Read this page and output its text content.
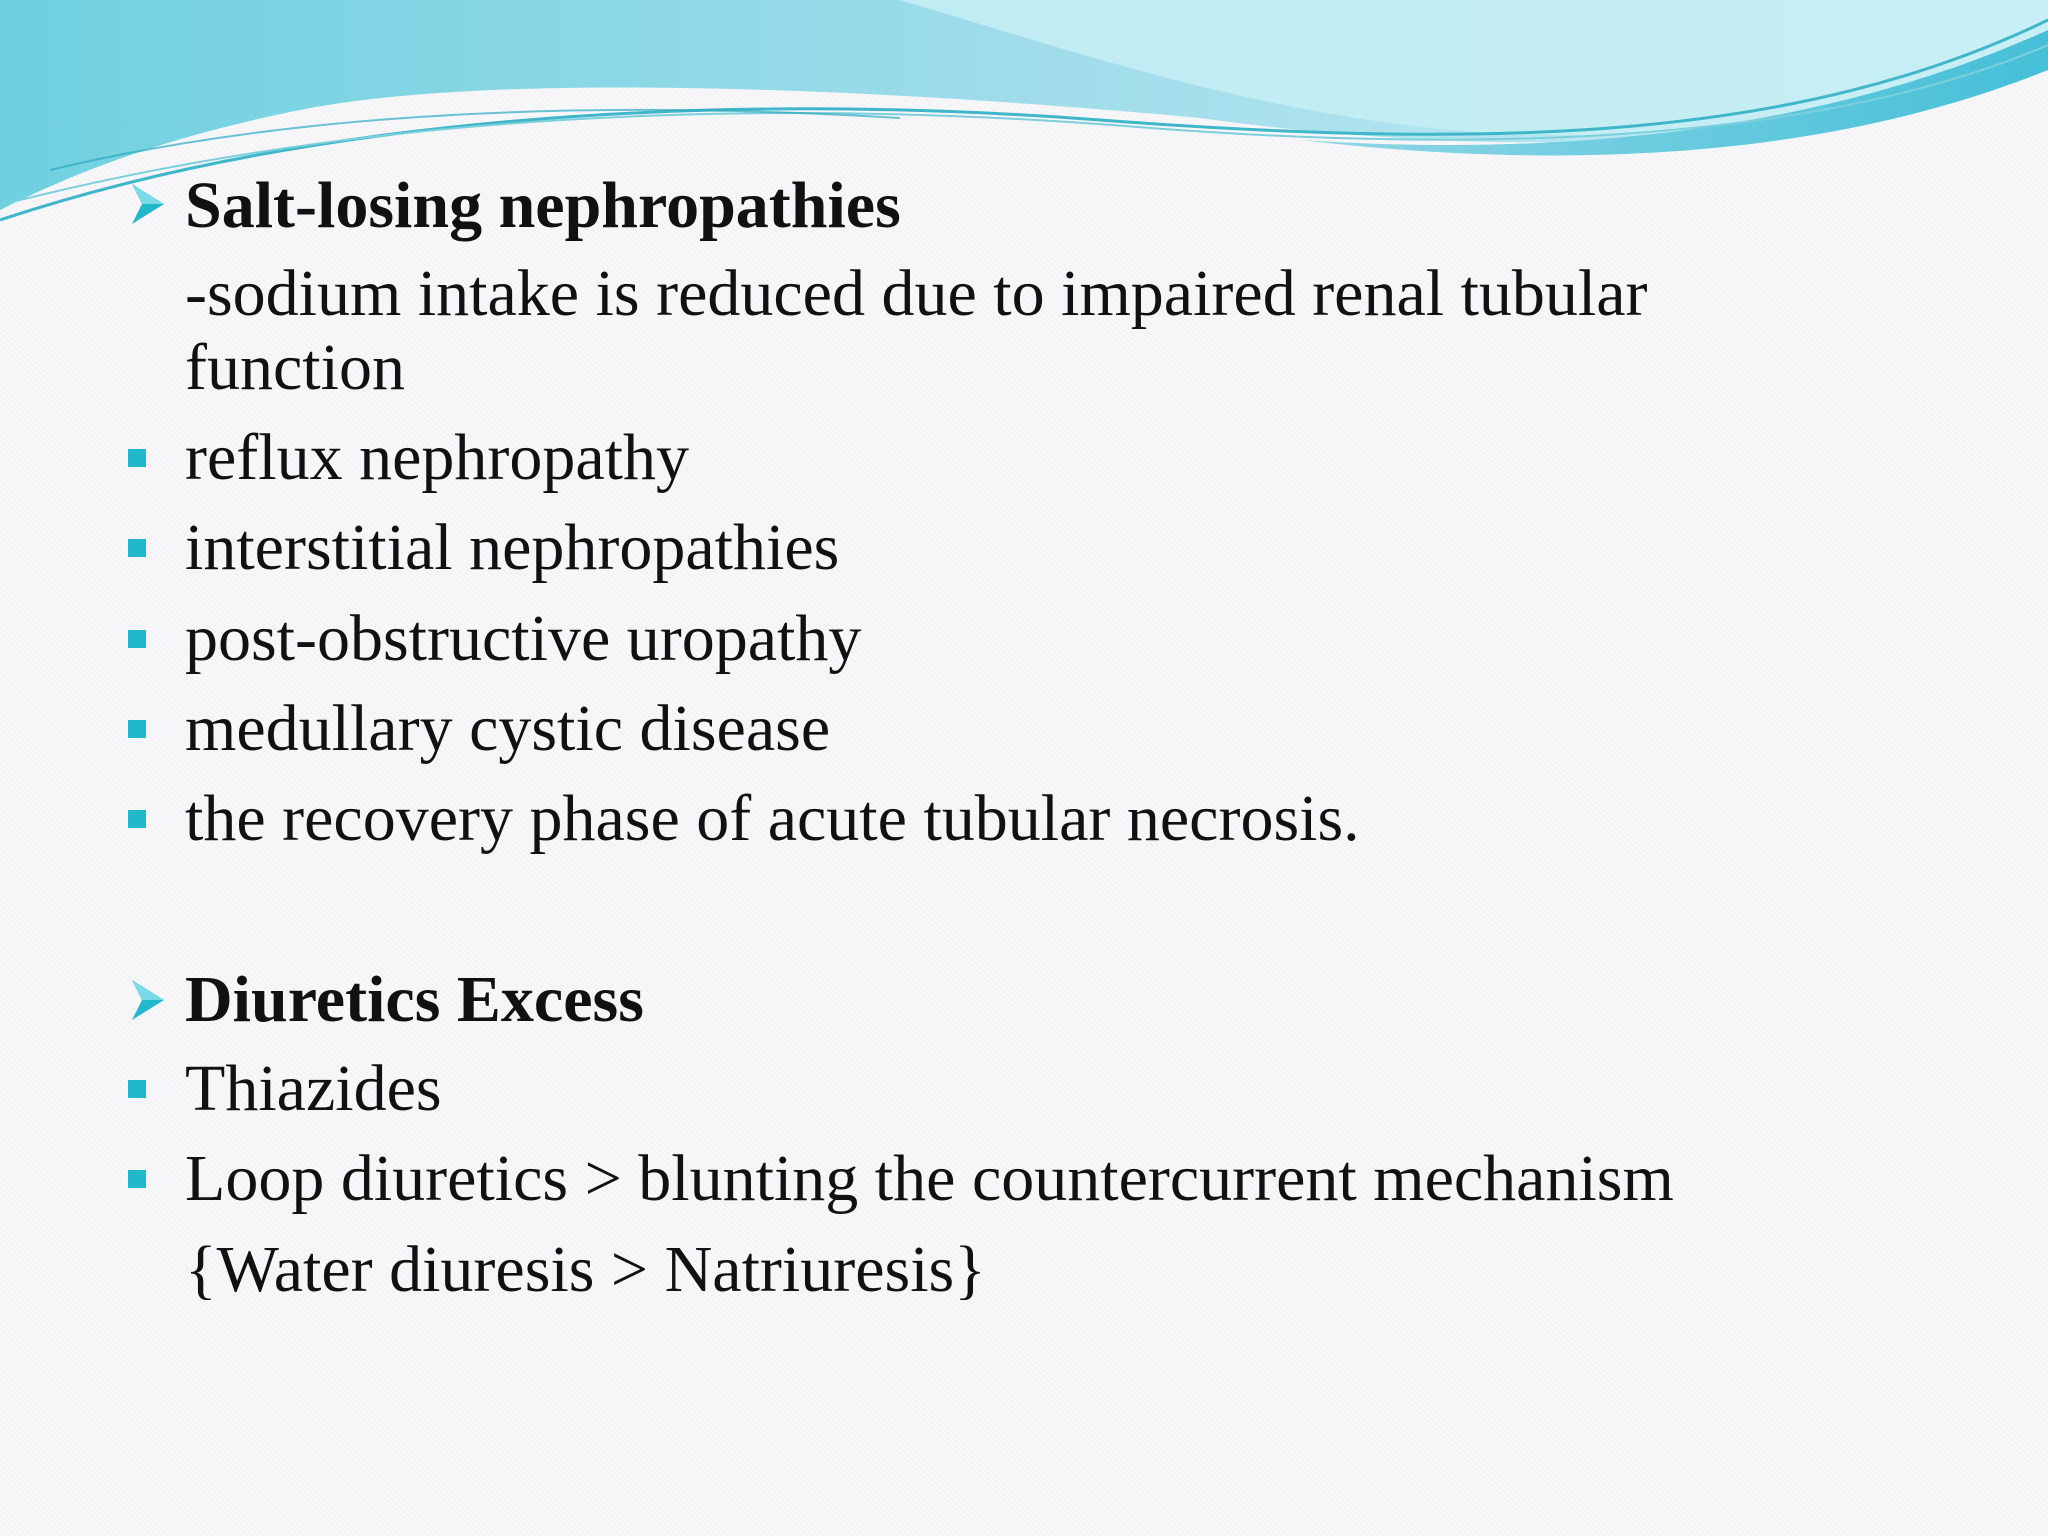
Salt-losing nephropathies
-sodium intake is reduced due to impaired renal tubular
function
reflux nephropathy
interstitial nephropathies
post-obstructive uropathy
medullary cystic disease
the recovery phase of acute tubular necrosis.
Diuretics Excess
Thiazides
Loop diuretics > blunting the countercurrent mechanism
{Water diuresis > Natriuresis}
